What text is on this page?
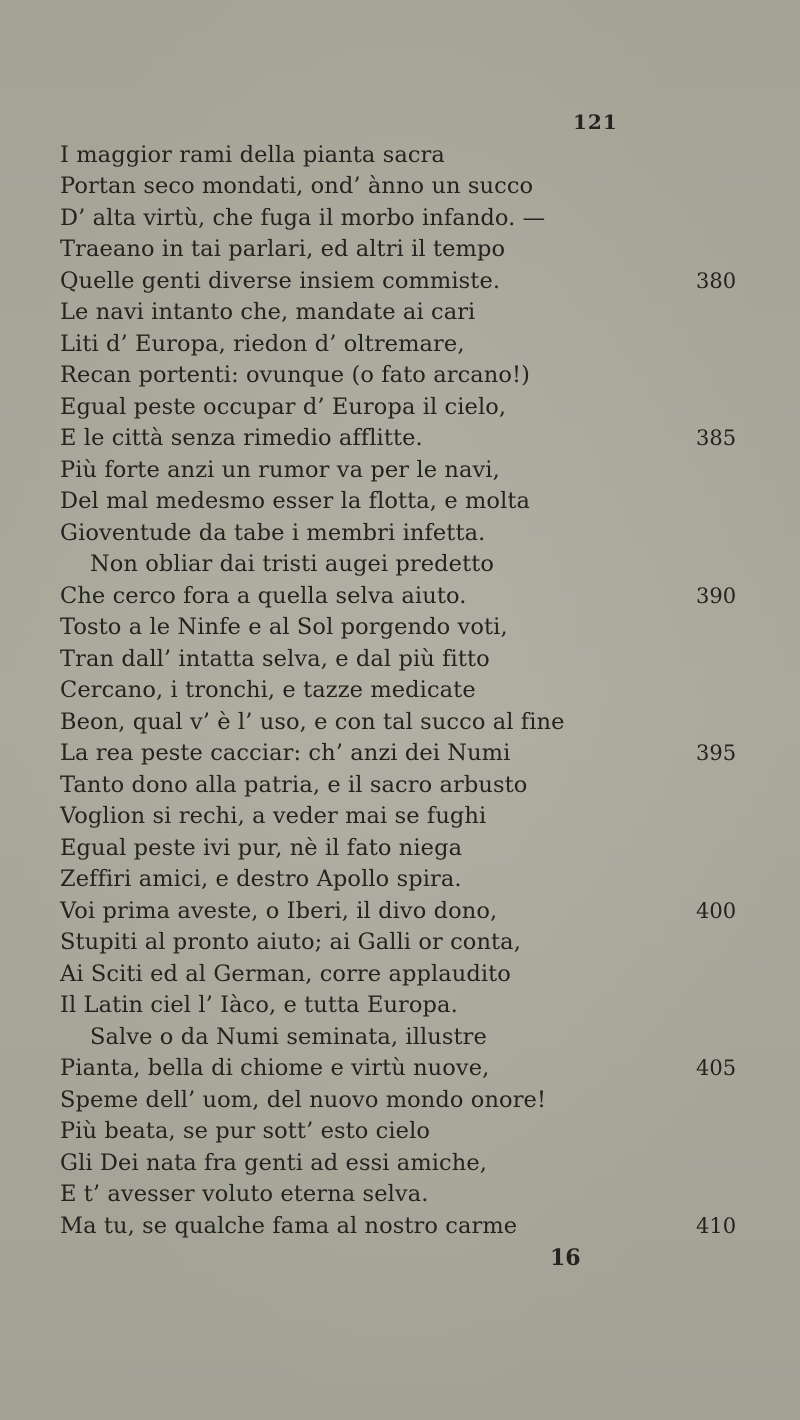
121
I maggior rami della pianta sacra
Portan seco mondati, ond’ ànno un succo
D’ alta virtù, che fuga il morbo infando. —
Traeano in tai parlari, ed altri il tempo
Quelle genti diverse insiem commiste.
Le navi intanto che, mandate ai cari
Liti d’ Europa, riedon d’ oltremare,
Recan portenti: ovunque (o fato arcano!)
Egual peste occupar d’ Europa il cielo,
E le città senza rimedio afflitte.
Più forte anzi un rumor va per le navi,
Del mal medesmo esser la flotta, e molta
Gioventude da tabe i membri infetta.
Non obliar dai tristi augei predetto
Che cerco fora a quella selva aiuto.
Tosto a le Ninfe e al Sol porgendo voti,
Tran dall’ intatta selva, e dal più fitto
Cercano, i tronchi, e tazze medicate
Beon, qual v’ è l’ uso, e con tal succo al fine
La rea peste cacciar: ch’ anzi dei Numi
Tanto dono alla patria, e il sacro arbusto
Voglion si rechi, a veder mai se fughi
Egual peste ivi pur, nè il fato niega
Zeffiri amici, e destro Apollo spira.
Voi prima aveste, o Iberi, il divo dono,
Stupiti al pronto aiuto; ai Galli or conta,
Ai Sciti ed al German, corre applaudito
Il Latin ciel l’ Iàco, e tutta Europa.
Salve o da Numi seminata, illustre
Pianta, bella di chiome e virtù nuove,
Speme dell’ uom, del nuovo mondo onore!
Più beata, se pur sott’ esto cielo
Gli Dei nata fra genti ad essi amiche,
E t’ avesser voluto eterna selva.
Ma tu, se qualche fama al nostro carme
380
385
390
395
400
405
410
16
